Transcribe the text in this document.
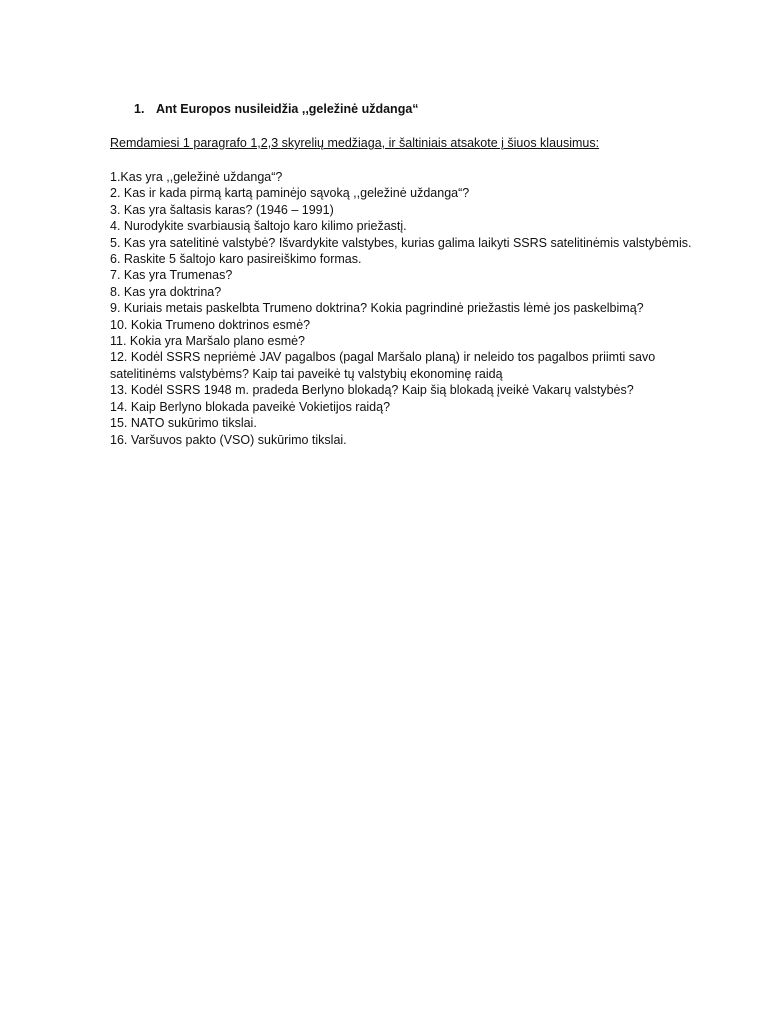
1. Ant Europos nusileidžia ,,geležinė uždanga“
Remdamiesi 1 paragrafo 1,2,3 skyrelių medžiaga, ir šaltiniais atsakote į šiuos klausimus:
1.Kas yra ,,geležinė uždanga“?
2. Kas ir kada pirmą kartą paminėjo sąvoką ,,geležinė uždanga“?
3. Kas yra šaltasis karas? (1946 – 1991)
4. Nurodykite svarbiausią šaltojo karo kilimo priežastį.
5. Kas yra satelitinė valstybė? Išvardykite valstybes, kurias galima laikyti SSRS satelitinėmis valstybėmis.
6. Raskite 5 šaltojo karo pasireiškimo formas.
7. Kas yra Trumenas?
8. Kas yra doktrina?
9. Kuriais metais paskelbta Trumeno doktrina? Kokia pagrindinė priežastis lėmė jos paskelbimą?
10. Kokia Trumeno doktrinos esmė?
11. Kokia yra Maršalo plano esmė?
12. Kodėl SSRS nepriėmė JAV pagalbos (pagal Maršalo planą) ir neleido tos pagalbos priimti savo
satelitinėms valstybėms? Kaip tai paveikė tų valstybių ekonominę raidą
13. Kodėl SSRS 1948 m. pradeda Berlyno blokadą? Kaip šią blokadą įveikė Vakarų valstybės?
14. Kaip Berlyno blokada paveikė Vokietijos raidą?
15. NATO sukūrimo tikslai.
16. Varšuvos pakto (VSO) sukūrimo tikslai.
